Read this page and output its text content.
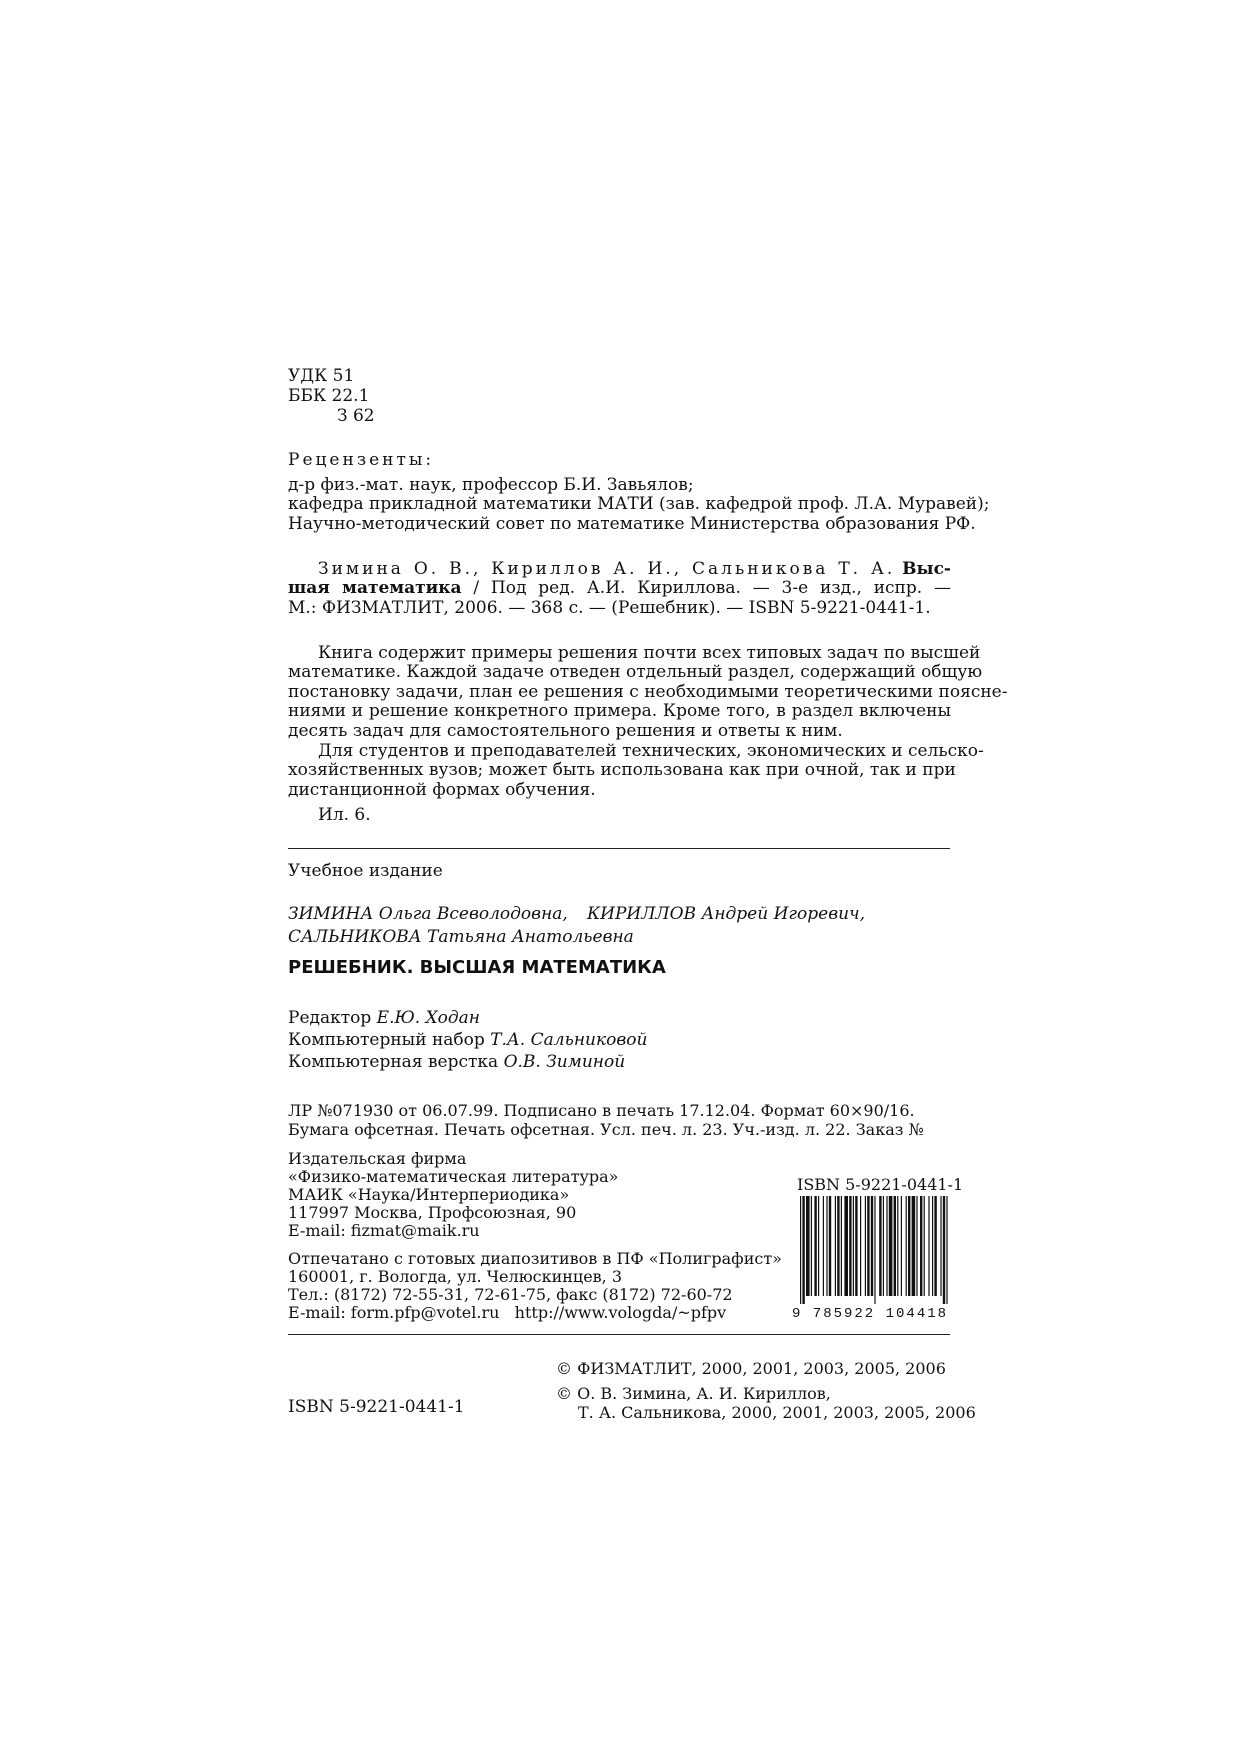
УДК 51
ББК 22.1
З 62
Рецензенты:
д-р физ.-мат. наук, профессор Б.И. Завьялов;
кафедра прикладной математики МАТИ (зав. кафедрой проф. Л.А. Муравей);
Научно-методический совет по математике Министерства образования РФ.
Зимина О. В., Кириллов А. И., Сальникова Т. А. Выс-
шая математика / Под ред. А.И. Кириллова. — 3-е изд., испр. —
М.: ФИЗМАТЛИТ, 2006. — 368 с. — (Решебник). — ISBN 5-9221-0441-1.
Книга содержит примеры решения почти всех типовых задач по высшей
математике. Каждой задаче отведен отдельный раздел, содержащий общую
постановку задачи, план ее решения с необходимыми теоретическими поясне-
ниями и решение конкретного примера. Кроме того, в раздел включены
десять задач для самостоятельного решения и ответы к ним.
Для студентов и преподавателей технических, экономических и сельско-
хозяйственных вузов; может быть использована как при очной, так и при
дистанционной формах обучения.
Ил. 6.
Учебное издание
ЗИМИНА Ольга Всеволодовна, КИРИЛЛОВ Андрей Игоревич,
САЛЬНИКОВА Татьяна Анатольевна
РЕШЕБНИК. ВЫСШАЯ МАТЕМАТИКА
Редактор Е.Ю. Ходан
Компьютерный набор Т.А. Сальниковой
Компьютерная верстка О.В. Зиминой
ЛР №071930 от 06.07.99. Подписано в печать 17.12.04. Формат 60×90/16.
Бумага офсетная. Печать офсетная. Усл. печ. л. 23. Уч.-изд. л. 22. Заказ №
Издательская фирма
«Физико-математическая литература»
МАИК «Наука/Интерпериодика»
117997 Москва, Профсоюзная, 90
E-mail: fizmat@maik.ru
Отпечатано с готовых диапозитивов в ПФ «Полиграфист»
160001, г. Вологда, ул. Челюскинцев, 3
Тел.: (8172) 72-55-31, 72-61-75, факс (8172) 72-60-72
E-mail: form.pfp@votel.ru   http://www.vologda/~pfpv
ISBN 5-9221-0441-1
9 785922 104418
ISBN 5-9221-0441-1
© ФИЗМАТЛИТ, 2000, 2001, 2003, 2005, 2006
© О. В. Зимина, А. И. Кириллов,
Т. А. Сальникова, 2000, 2001, 2003, 2005, 2006
